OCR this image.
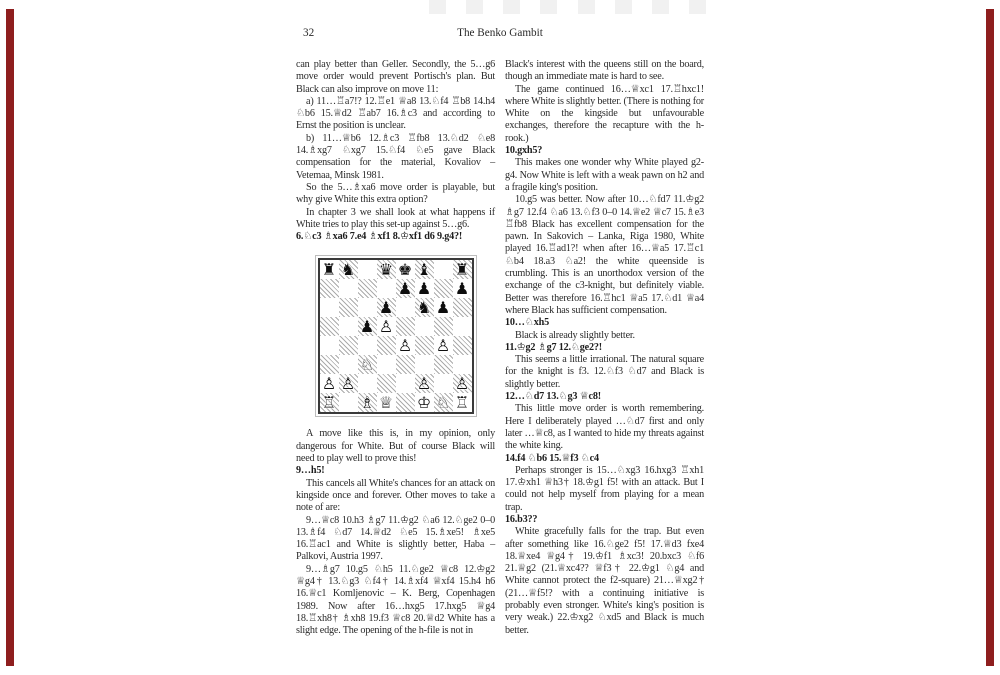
32	The Benko Gambit

can play better than Geller. Secondly, the 5…g6 move order would prevent Portisch's plan. But Black can also improve on move 11:

a) 11…♖a7!? 12.♖e1 ♕a8 13.♘f4 ♖b8 14.h4 ♘b6 15.♕d2 ♖ab7 16.♗c3 and according to Ernst the position is unclear.

b) 11…♕b6 12.♗c3 ♖fb8 13.♘d2 ♘e8 14.♗xg7 ♘xg7 15.♘f4 ♘e5 gave Black compensation for the material, Kovaliov – Vetemaa, Minsk 1981.

So the 5…♗xa6 move order is playable, but why give White this extra option?

In chapter 3 we shall look at what happens if White tries to play this set-up against 5…g6.

6.♘c3 ♗xa6 7.e4 ♗xf1 8.♔xf1 d6 9.g4?!

♜ ♞ ♛ ♚ ♝ ♜
♟ ♟ ♟
♟ ♞ ♟
♟ ♙
♙ ♙
♘
♙ ♙	♙ ♙
♖ ♗ ♕ ♔ ♘ ♖

A move like this is, in my opinion, only dangerous for White. But of course Black will need to play well to prove this!

9…h5!

This cancels all White's chances for an attack on kingside once and forever. Other moves to take a note of are:

9…♕c8 10.h3 ♗g7 11.♔g2 ♘a6 12.♘ge2 0–0 13.♗f4 ♘d7 14.♕d2 ♘e5 15.♗xe5! ♗xe5 16.♖ac1 and White is slightly better, Haba – Palkovi, Austria 1997.

9…♗g7 10.g5 ♘h5 11.♘ge2 ♕c8 12.♔g2 ♕g4† 13.♘g3 ♘f4† 14.♗xf4 ♕xf4 15.h4 h6 16.♕c1 Komljenovic – K. Berg, Copenhagen 1989. Now after 16…hxg5 17.hxg5 ♕g4 18.♖xh8† ♗xh8 19.f3 ♕c8 20.♕d2 White has a slight edge. The opening of the h-file is not in

Black's interest with the queens still on the board, though an immediate mate is hard to see.

The game continued 16…♕xc1 17.♖hxc1! where White is slightly better. (There is nothing for White on the kingside but unfavourable exchanges, therefore the recapture with the h-rook.)

10.gxh5?

This makes one wonder why White played g2-g4. Now White is left with a weak pawn on h2 and a fragile king's position.

10.g5 was better. Now after 10…♘fd7 11.♔g2 ♗g7 12.f4 ♘a6 13.♘f3 0–0 14.♕e2 ♕c7 15.♗e3 ♖fb8 Black has excellent compensation for the pawn. In Sakovich – Lanka, Riga 1980, White played 16.♖ad1?! when after 16…♕a5 17.♖c1 ♘b4 18.a3 ♘a2! the white queenside is crumbling. This is an unorthodox version of the exchange of the c3-knight, but definitely viable. Better was therefore 16.♖hc1 ♕a5 17.♘d1 ♕a4 where Black has sufficient compensation.

10…♘xh5

Black is already slightly better.

11.♔g2 ♗g7 12.♘ge2?!

This seems a little irrational. The natural square for the knight is f3. 12.♘f3 ♘d7 and Black is slightly better.

12…♘d7 13.♘g3 ♕c8!

This little move order is worth remembering. Here I deliberately played …♘d7 first and only later …♕c8, as I wanted to hide my threats against the white king.

14.f4 ♘b6 15.♕f3 ♘c4

Perhaps stronger is 15…♘xg3 16.hxg3 ♖xh1 17.♔xh1 ♕h3† 18.♔g1 f5! with an attack. But I could not help myself from playing for a mean trap.

16.b3??

White gracefully falls for the trap. But even after something like 16.♘ge2 f5! 17.♕d3 fxe4 18.♕xe4 ♕g4† 19.♔f1 ♗xc3! 20.bxc3 ♘f6 21.♕g2 (21.♕xc4?? ♕f3† 22.♔g1 ♘g4 and White cannot protect the f2-square) 21…♕xg2† (21…♕f5!? with a continuing initiative is probably even stronger. White's king's position is very weak.) 22.♔xg2 ♘xd5 and Black is much better.
